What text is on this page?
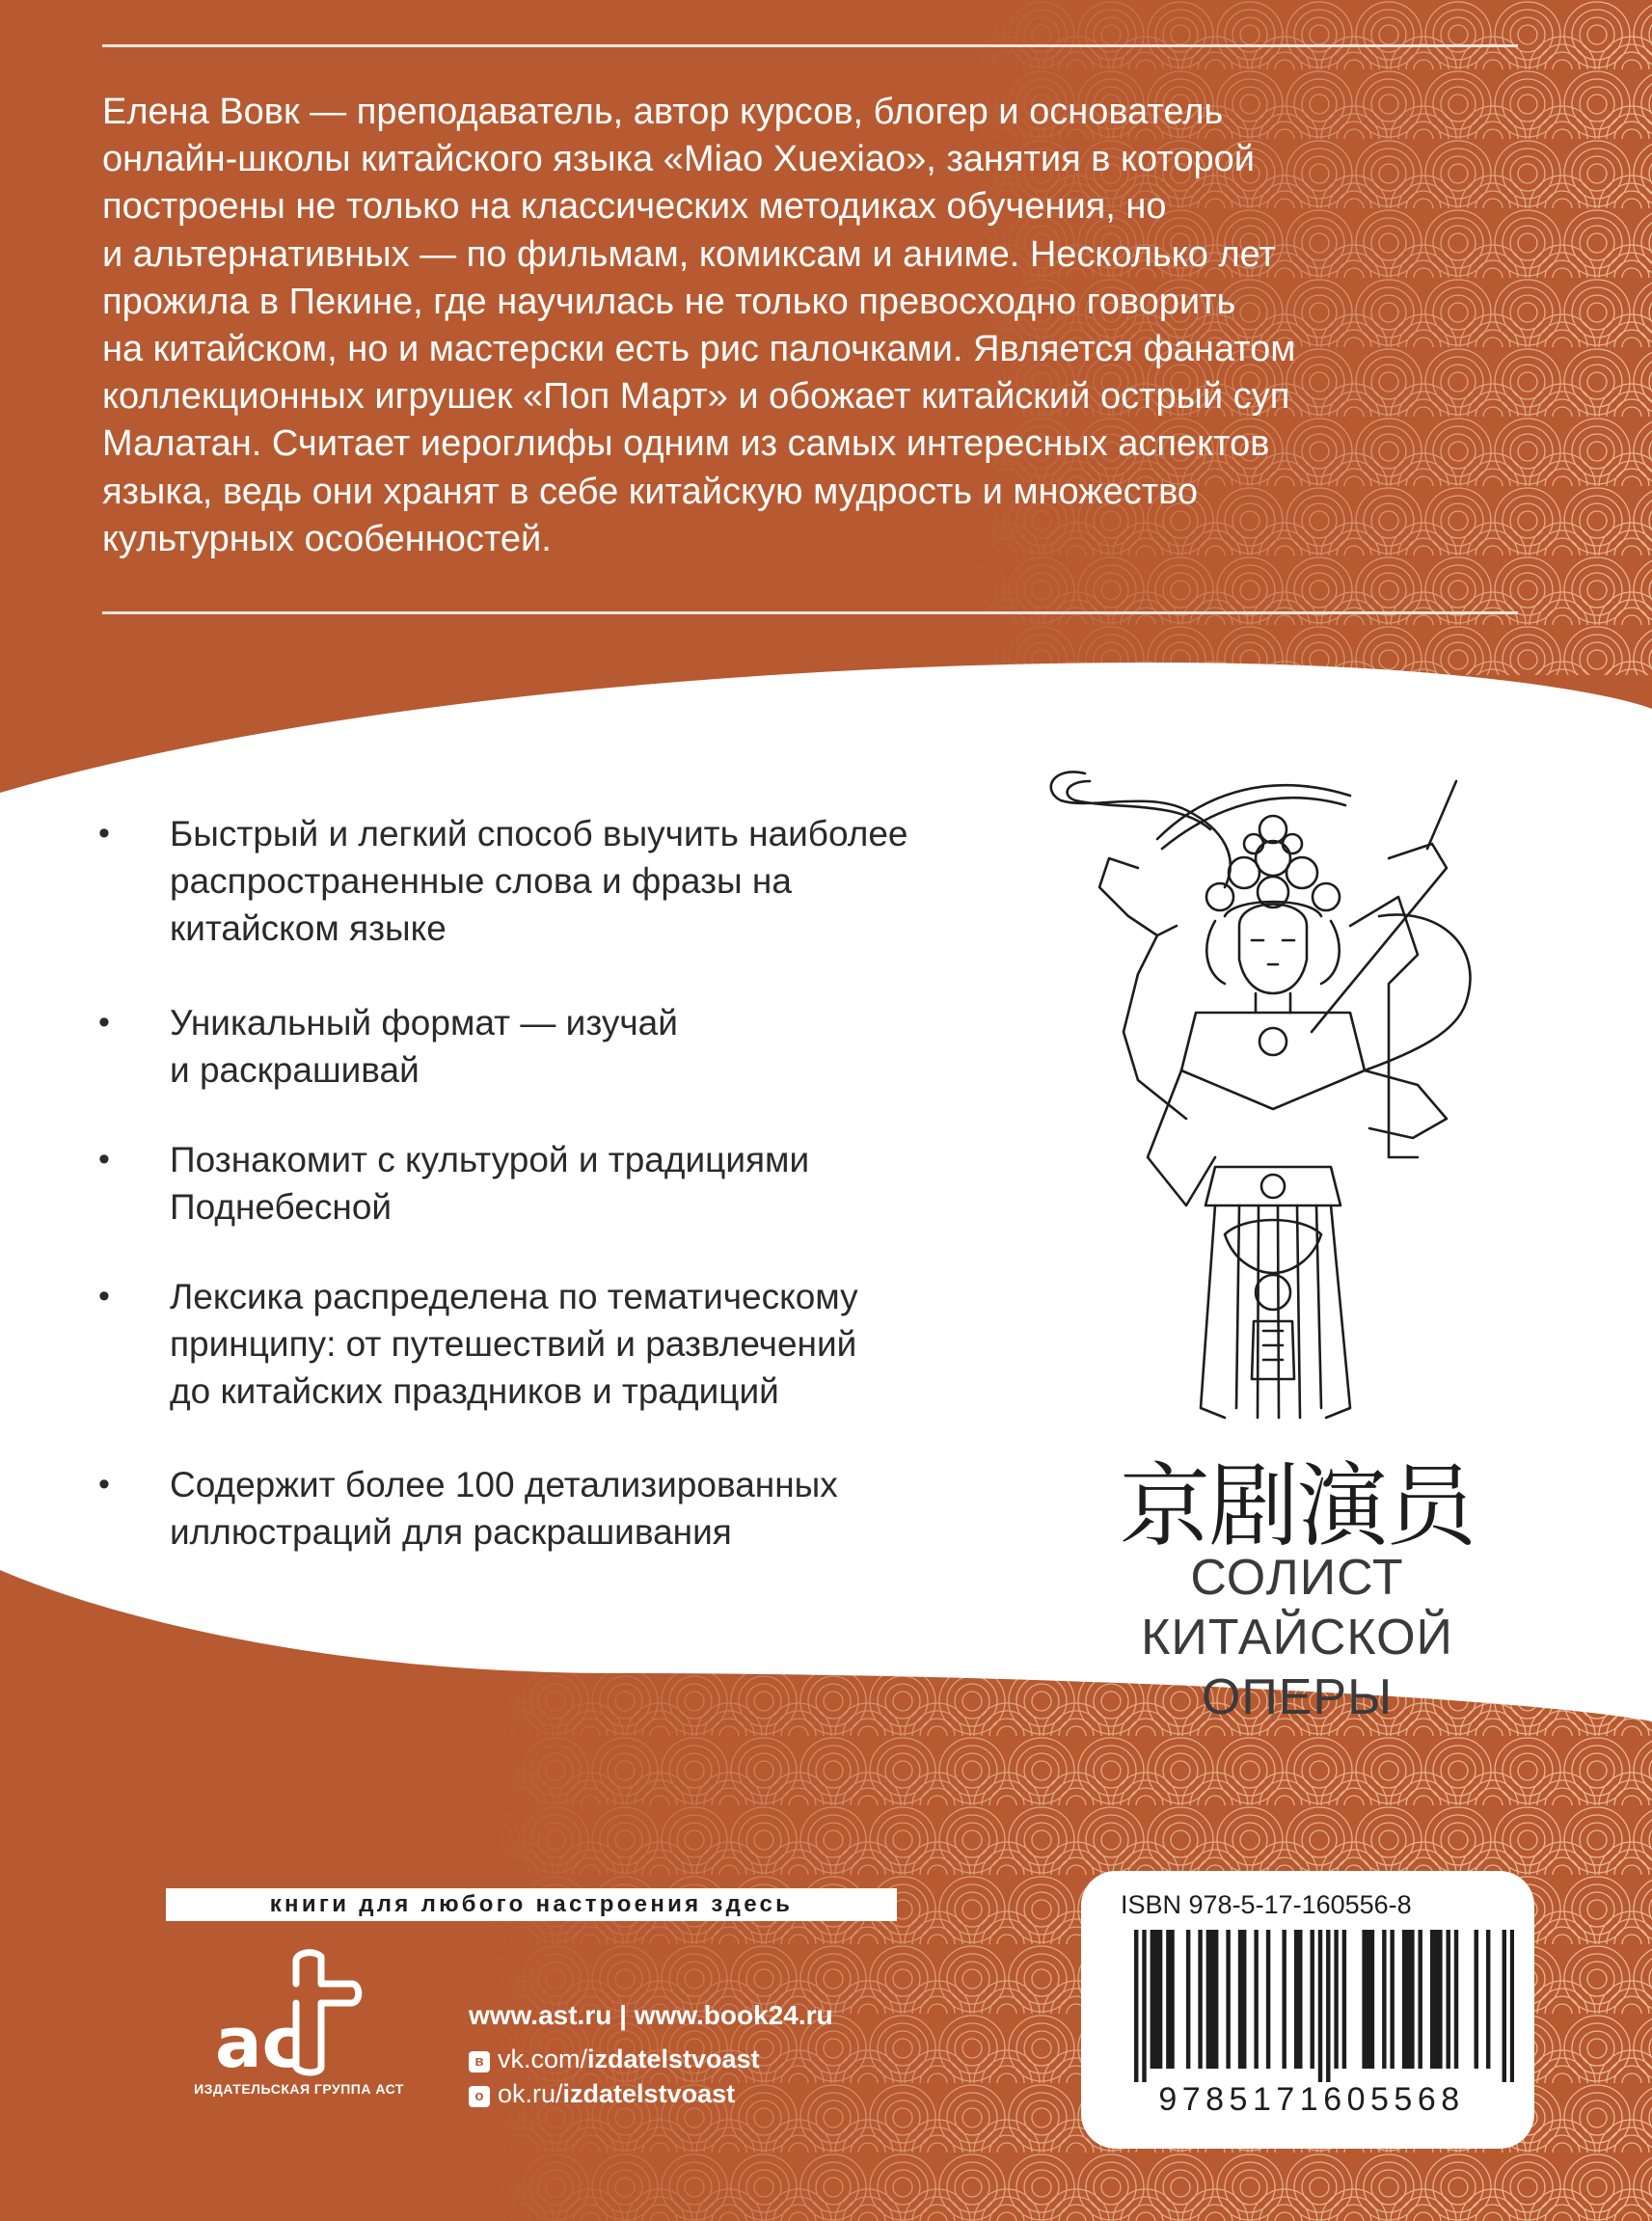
Елена Вовк — преподаватель, автор курсов, блогер и основатель
онлайн-школы китайского языка «Miao Xuexiao», занятия в которой
построены не только на классических методиках обучения, но
и альтернативных — по фильмам, комиксам и аниме. Несколько лет
прожила в Пекине, где научилась не только превосходно говорить
на китайском, но и мастерски есть рис палочками. Является фанатом
коллекционных игрушек «Поп Март» и обожает китайский острый суп
Малатан. Считает иероглифы одним из самых интересных аспектов
языка, ведь они хранят в себе китайскую мудрость и множество
культурных особенностей.

• Быстрый и легкий способ выучить наиболее
распространенные слова и фразы на
китайском языке
• Уникальный формат — изучай
и раскрашивай
• Познакомит с культурой и традициями
Поднебесной
• Лексика распределена по тематическому
принципу: от путешествий и развлечений
до китайских праздников и традиций
• Содержит более 100 детализированных
иллюстраций для раскрашивания	京剧演员
СОЛИСТ
КИТАЙСКОЙ
ОПЕРЫ
книги для любого настроения здесь
ac
ИЗДАТЕЛЬСКАЯ ГРУППА АСТ
www.ast.ru | www.book24.ru
в vk.com/izdatelstvoast
о ok.ru/izdatelstvoast
ISBN 978-5-17-160556-8
9785171605568
